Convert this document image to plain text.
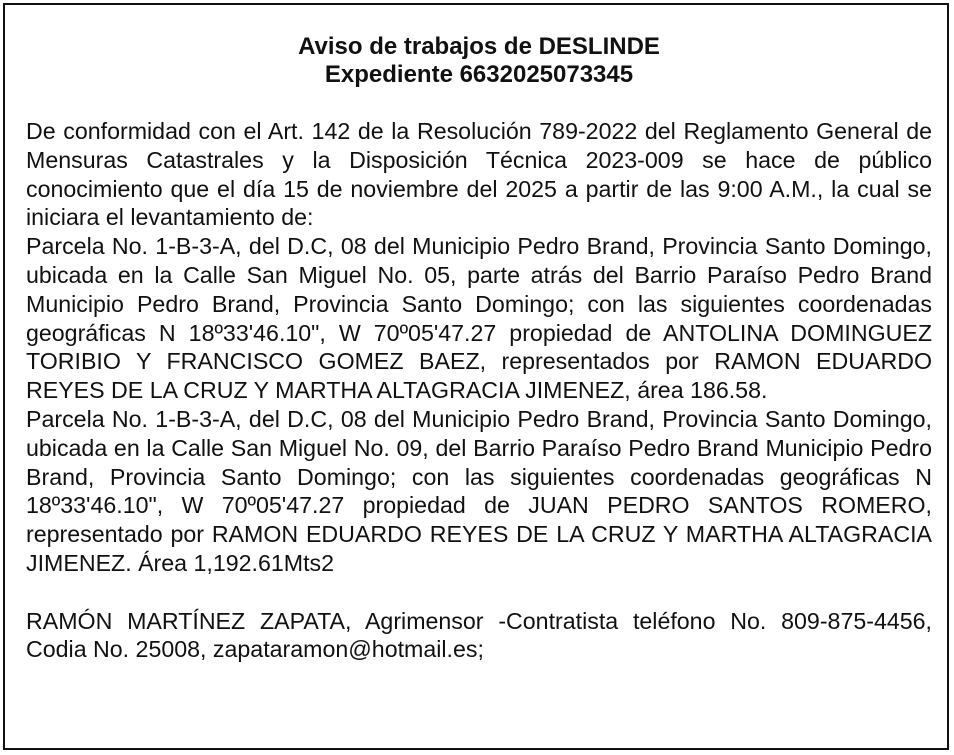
Aviso de trabajos de DESLINDE
Expediente 6632025073345

De conformidad con el Art. 142 de la Resolución 789-2022 del Reglamento General de Mensuras Catastrales y la Disposición Técnica 2023-009 se hace de público conocimiento que el día 15 de noviembre del 2025 a partir de las 9:00 A.M., la cual se iniciara el levantamiento de:

Parcela No. 1-B-3-A, del D.C, 08 del Municipio Pedro Brand, Provincia Santo Domingo, ubicada en la Calle San Miguel No. 05, parte atrás del Barrio Paraíso Pedro Brand Municipio Pedro Brand, Provincia Santo Domingo; con las siguientes coordenadas geográficas N 18º33'46.10", W 70º05'47.27 propiedad de ANTOLINA DOMINGUEZ TORIBIO Y FRANCISCO GOMEZ BAEZ, representados por RAMON EDUARDO REYES DE LA CRUZ Y MARTHA ALTAGRACIA JIMENEZ, área 186.58.

Parcela No. 1-B-3-A, del D.C, 08 del Municipio Pedro Brand, Provincia Santo Domingo, ubicada en la Calle San Miguel No. 09, del Barrio Paraíso Pedro Brand Municipio Pedro Brand, Provincia Santo Domingo; con las siguientes coordenadas geográficas N 18º33'46.10", W 70º05'47.27 propiedad de JUAN PEDRO SANTOS ROMERO, representado por RAMON EDUARDO REYES DE LA CRUZ Y MARTHA ALTAGRACIA JIMENEZ. Área 1,192.61Mts2

RAMÓN MARTÍNEZ ZAPATA, Agrimensor -Contratista teléfono No. 809-875-4456, Codia No. 25008, zapataramon@hotmail.es;
